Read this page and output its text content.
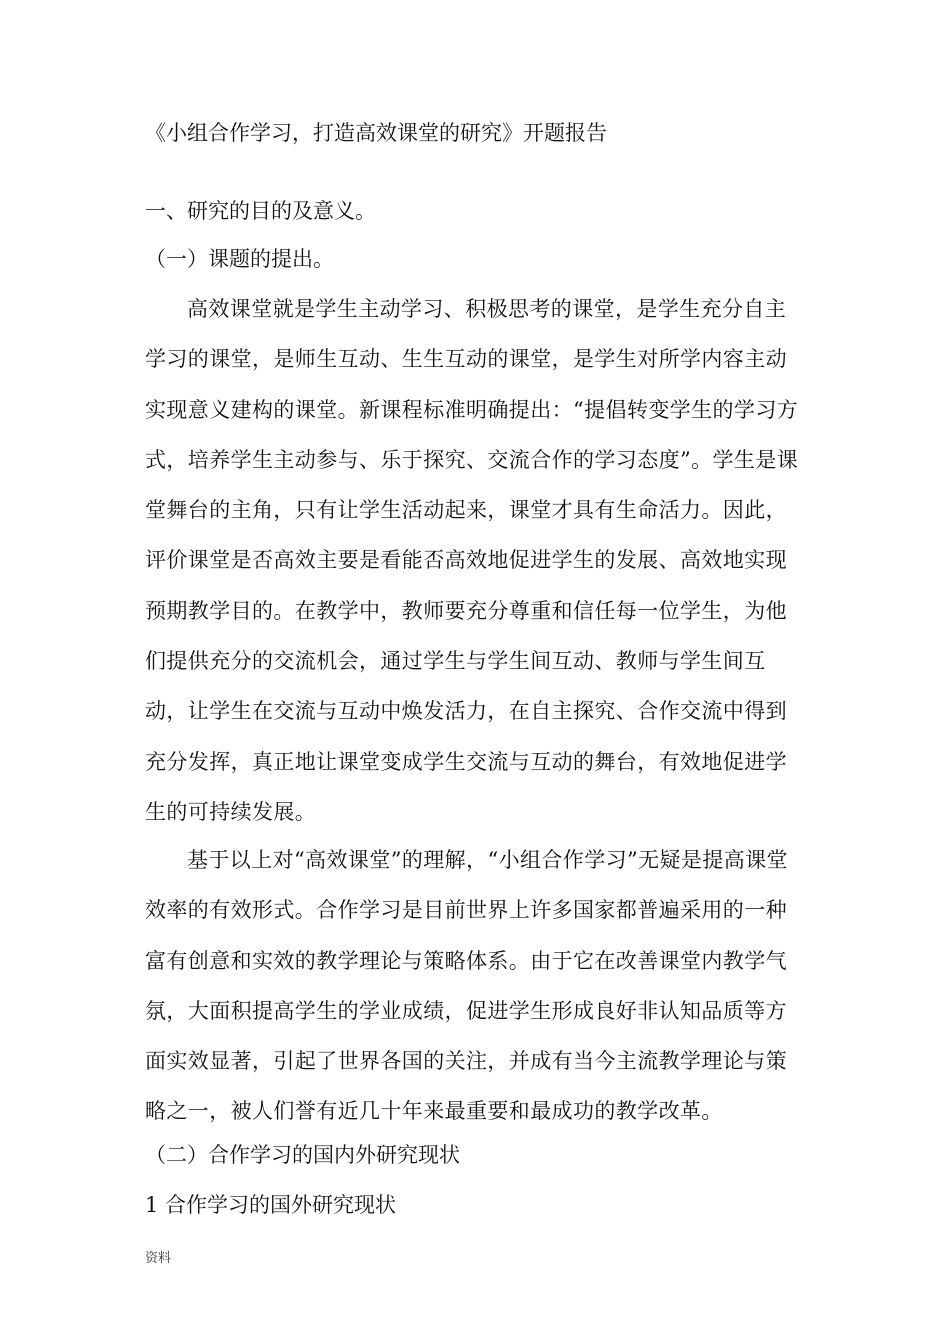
《小组合作学习，打造高效课堂的研究》开题报告
一、研究的目的及意义。
（一）课题的提出。

高效课堂就是学生主动学习、积极思考的课堂，是学生充分自主学习的课堂，是师生互动、生生互动的课堂，是学生对所学内容主动实现意义建构的课堂。新课程标准明确提出：“提倡转变学生的学习方式，培养学生主动参与、乐于探究、交流合作的学习态度”。学生是课堂舞台的主角，只有让学生活动起来，课堂才具有生命活力。因此，评价课堂是否高效主要是看能否高效地促进学生的发展、高效地实现预期教学目的。在教学中，教师要充分尊重和信任每一位学生，为他们提供充分的交流机会，通过学生与学生间互动、教师与学生间互动，让学生在交流与互动中焕发活力，在自主探究、合作交流中得到充分发挥，真正地让课堂变成学生交流与互动的舞台，有效地促进学生的可持续发展。

基于以上对“高效课堂”的理解，“小组合作学习”无疑是提高课堂效率的有效形式。合作学习是目前世界上许多国家都普遍采用的一种富有创意和实效的教学理论与策略体系。由于它在改善课堂内教学气氛，大面积提高学生的学业成绩，促进学生形成良好非认知品质等方面实效显著，引起了世界各国的关注，并成有当今主流教学理论与策略之一，被人们誉有近几十年来最重要和最成功的教学改革。

（二）合作学习的国内外研究现状
1 合作学习的国外研究现状
资料
